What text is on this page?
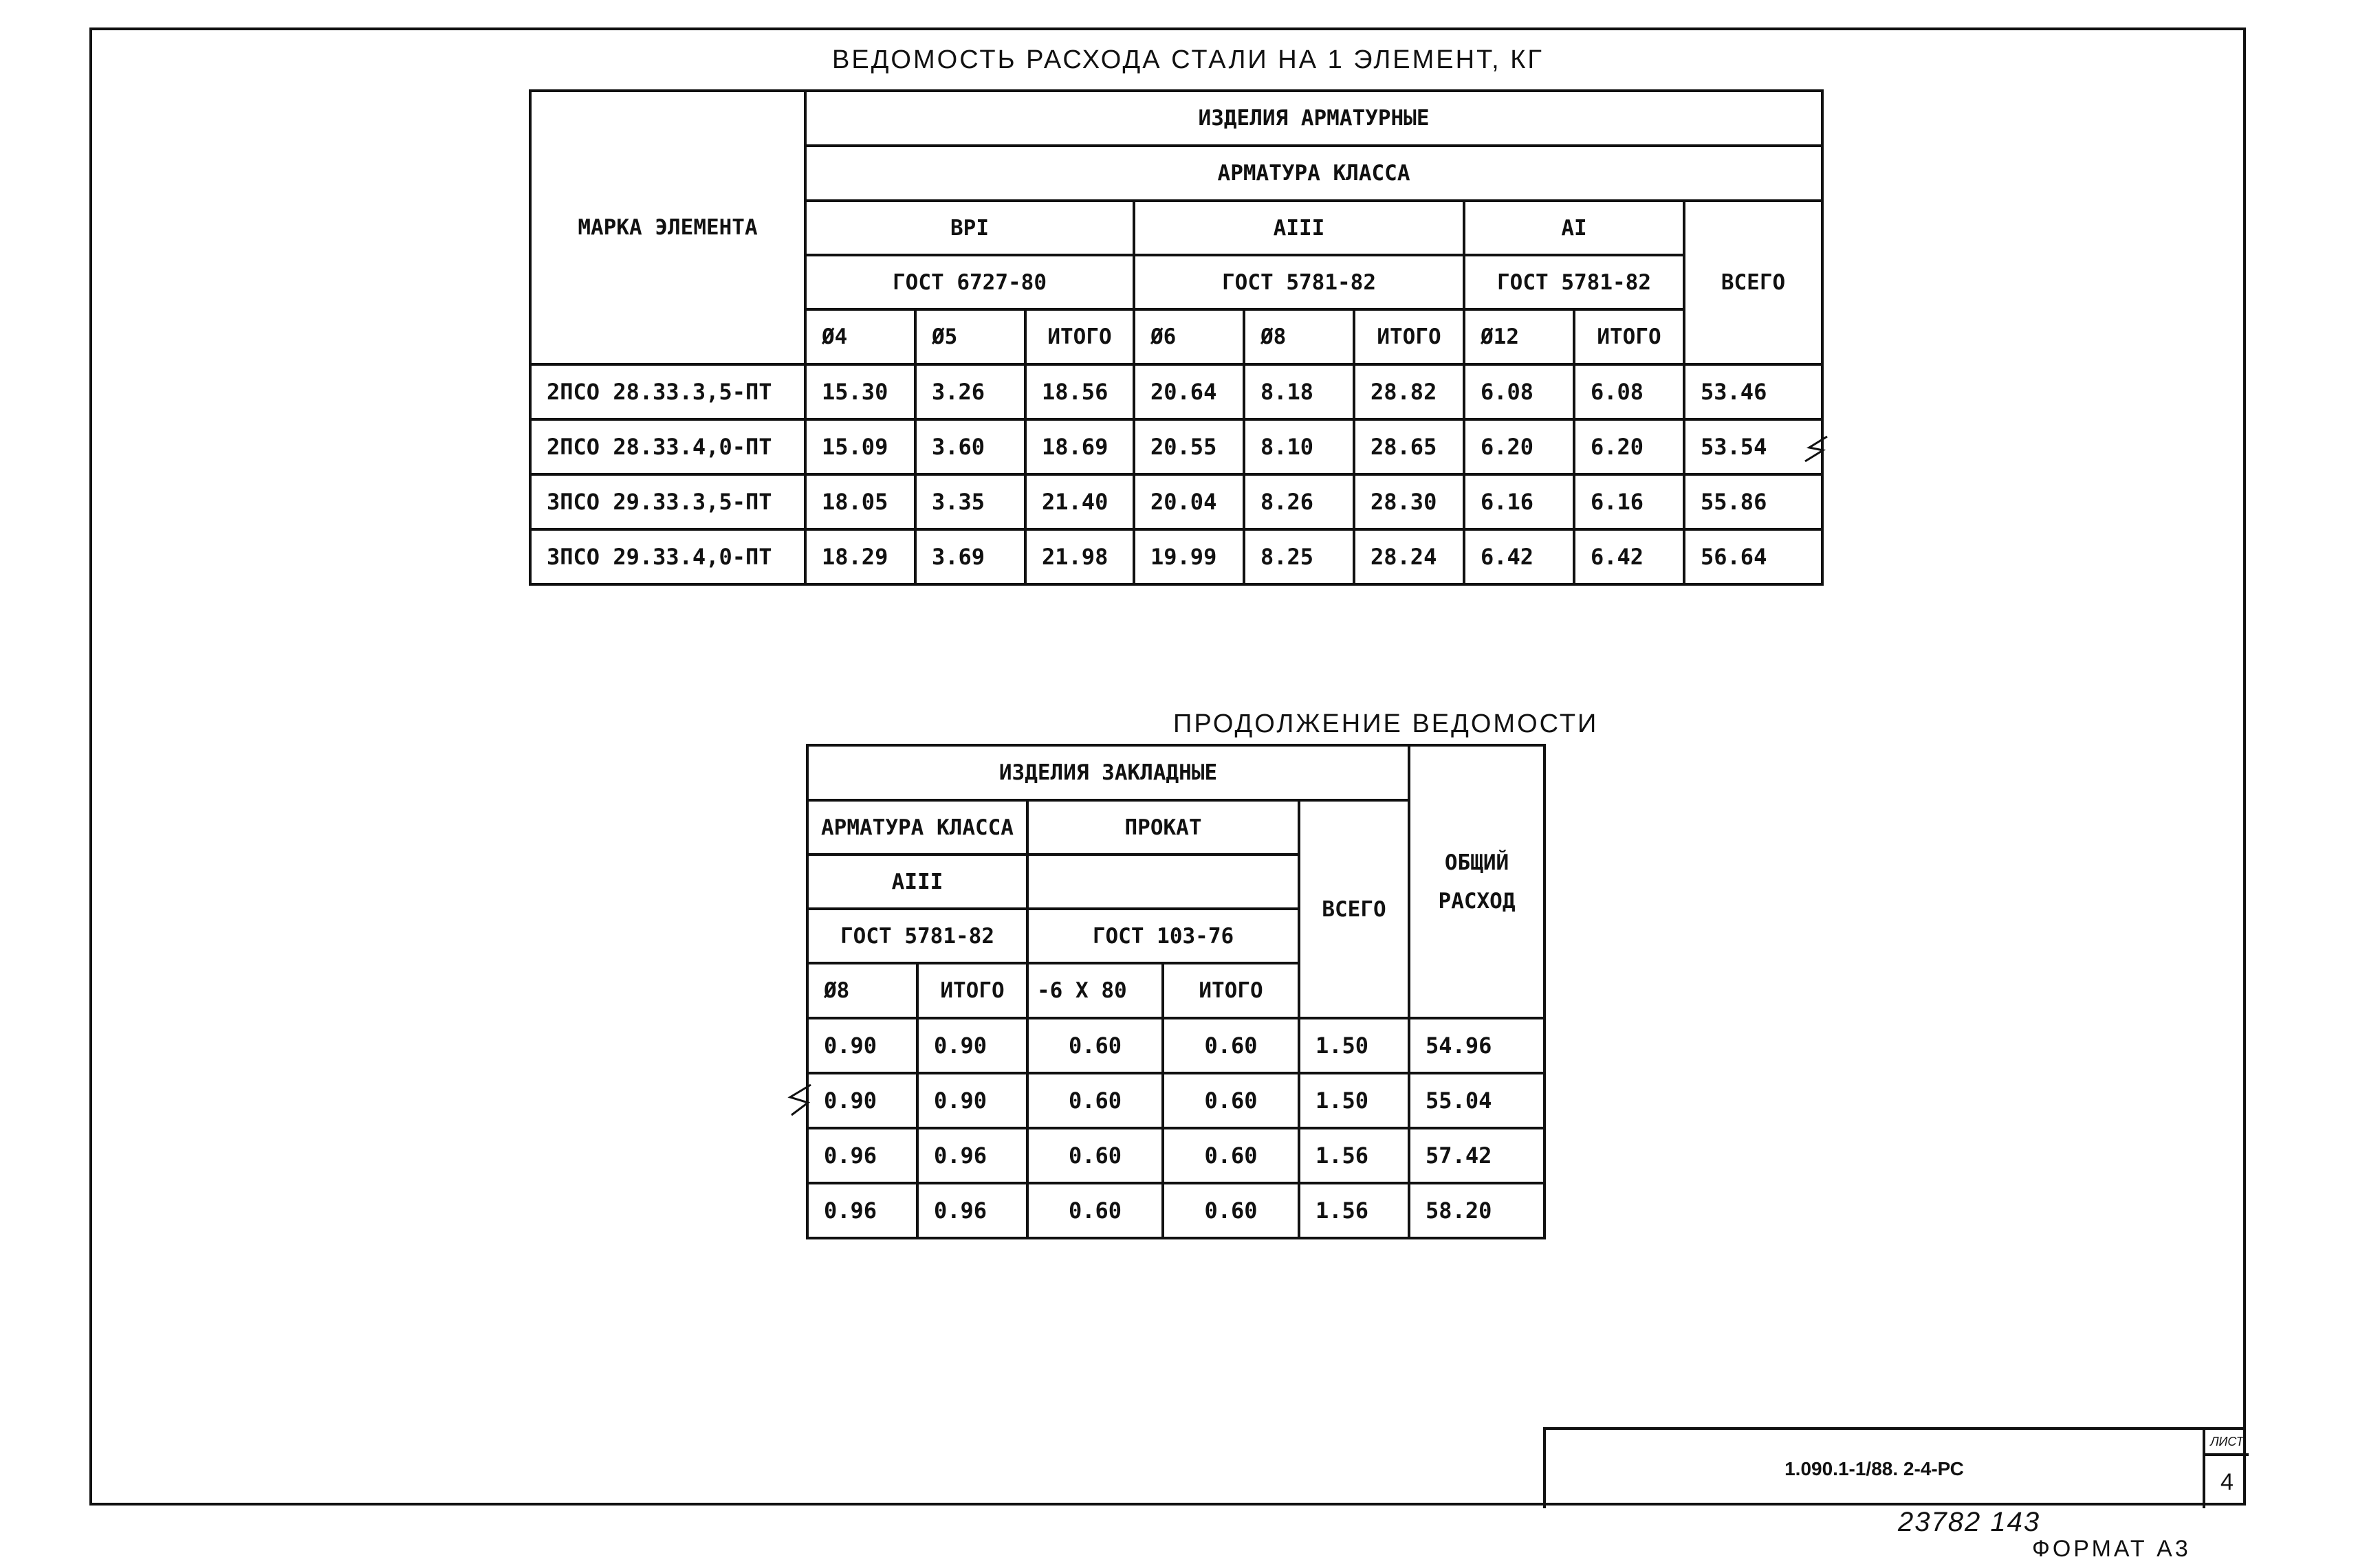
ВЕДОМОСТЬ РАСХОДА СТАЛИ НА 1 ЭЛЕМЕНТ, КГ
МАРКА ЭЛЕМЕНТА	ИЗДЕЛИЯ АРМАТУРНЫЕ								
	АРМАТУРА КЛАССА								
	ВРI			AIII			AI		ВСЕГО
	ГОСТ 6727-80			ГОСТ 5781-82			ГОСТ 5781-82		
	Ø4	Ø5	ИТОГО	Ø6	Ø8	ИТОГО	Ø12	ИТОГО	
2ПСО 28.33.3,5-ПТ	15.30	3.26	18.56	20.64	8.18	28.82	6.08	6.08	53.46
2ПСО 28.33.4,0-ПТ	15.09	3.60	18.69	20.55	8.10	28.65	6.20	6.20	53.54
3ПСО 29.33.3,5-ПТ	18.05	3.35	21.40	20.04	8.26	28.30	6.16	6.16	55.86
3ПСО 29.33.4,0-ПТ	18.29	3.69	21.98	19.99	8.25	28.24	6.42	6.42	56.64
ПРОДОЛЖЕНИЕ ВЕДОМОСТИ
ИЗДЕЛИЯ ЗАКЛАДНЫЕ					ОБЩИЙ
РАСХОД
АРМАТУРА КЛАССА		ПРОКАТ		ВСЕГО	
AIII					
ГОСТ 5781-82		ГОСТ 103-76			
Ø8	ИТОГО	-6 Х 80	ИТОГО		
0.90	0.90	0.60	0.60	1.50	54.96
0.90	0.90	0.60	0.60	1.50	55.04
0.96	0.96	0.60	0.60	1.56	57.42
0.96	0.96	0.60	0.60	1.56	58.20
1.090.1-1/88. 2-4-РС
ЛИСТ
4
23782 143
ФОРМАТ А3
